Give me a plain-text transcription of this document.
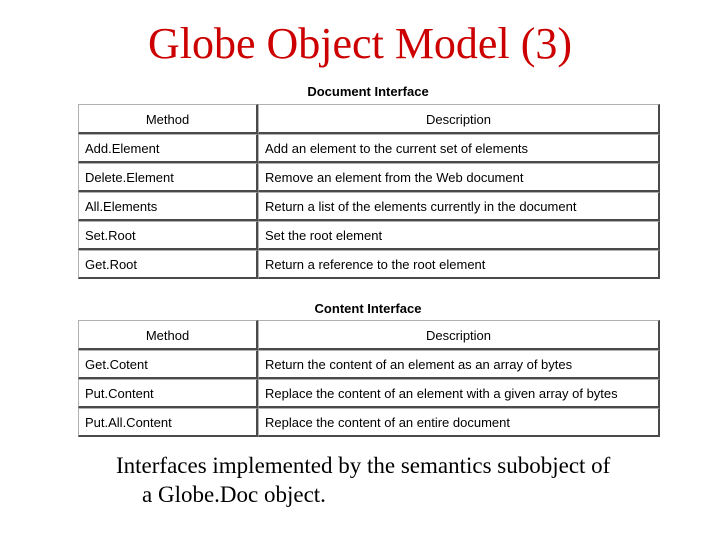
Globe Object Model (3)
Document Interface
Method	Description
Add.Element	Add an element to the current set of elements
Delete.Element	Remove an element from the Web document
All.Elements	Return a list of the elements currently in the document
Set.Root	Set the root element
Get.Root	Return a reference to the root element
Content Interface
Method	Description
Get.Cotent	Return the content of an element as an array of bytes
Put.Content	Replace the content of an element with a given array of bytes
Put.All.Content	Replace the content of an entire document
Interfaces implemented by the semantics subobject of
a Globe.Doc object.
